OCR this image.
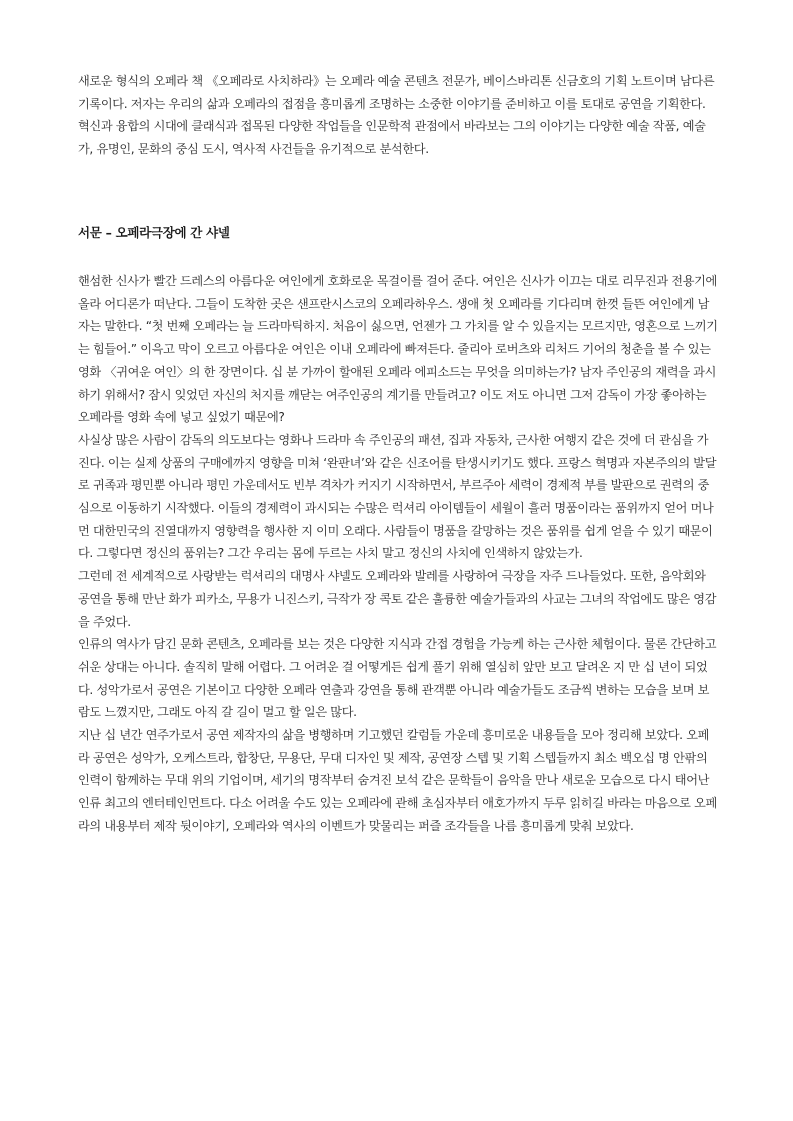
새로운 형식의 오페라 책 《오페라로 사치하라》는 오페라 예술 콘텐츠 전문가, 베이스바리톤 신금호의 기획 노트이며 남다른 기록이다. 저자는 우리의 삶과 오페라의 접점을 흥미롭게 조명하는 소중한 이야기를 준비하고 이를 토대로 공연을 기획한다. 혁신과 융합의 시대에 클래식과 접목된 다양한 작업들을 인문학적 관점에서 바라보는 그의 이야기는 다양한 예술 작품, 예술가, 유명인, 문화의 중심 도시, 역사적 사건들을 유기적으로 분석한다.

서문 – 오페라극장에 간 샤넬

핸섬한 신사가 빨간 드레스의 아름다운 여인에게 호화로운 목걸이를 걸어 준다. 여인은 신사가 이끄는 대로 리무진과 전용기에 올라 어디론가 떠난다. 그들이 도착한 곳은 샌프란시스코의 오페라하우스. 생애 첫 오페라를 기다리며 한껏 들뜬 여인에게 남자는 말한다. “첫 번째 오페라는 늘 드라마틱하지. 처음이 싫으면, 언젠가 그 가치를 알 수 있을지는 모르지만, 영혼으로 느끼기는 힘들어.” 이윽고 막이 오르고 아름다운 여인은 이내 오페라에 빠져든다. 줄리아 로버츠와 리처드 기어의 청춘을 볼 수 있는 영화 〈귀여운 여인〉의 한 장면이다. 십 분 가까이 할애된 오페라 에피소드는 무엇을 의미하는가? 남자 주인공의 재력을 과시하기 위해서? 잠시 잊었던 자신의 처지를 깨닫는 여주인공의 계기를 만들려고? 이도 저도 아니면 그저 감독이 가장 좋아하는 오페라를 영화 속에 넣고 싶었기 때문에?

사실상 많은 사람이 감독의 의도보다는 영화나 드라마 속 주인공의 패션, 집과 자동차, 근사한 여행지 같은 것에 더 관심을 가진다. 이는 실제 상품의 구매에까지 영향을 미쳐 ‘완판녀’와 같은 신조어를 탄생시키기도 했다. 프랑스 혁명과 자본주의의 발달로 귀족과 평민뿐 아니라 평민 가운데서도 빈부 격차가 커지기 시작하면서, 부르주아 세력이 경제적 부를 발판으로 권력의 중심으로 이동하기 시작했다. 이들의 경제력이 과시되는 수많은 럭셔리 아이템들이 세월이 흘러 명품이라는 품위까지 얻어 머나먼 대한민국의 진열대까지 영향력을 행사한 지 이미 오래다. 사람들이 명품을 갈망하는 것은 품위를 쉽게 얻을 수 있기 때문이다. 그렇다면 정신의 품위는? 그간 우리는 몸에 두르는 사치 말고 정신의 사치에 인색하지 않았는가.

그런데 전 세계적으로 사랑받는 럭셔리의 대명사 샤넬도 오페라와 발레를 사랑하여 극장을 자주 드나들었다. 또한, 음악회와 공연을 통해 만난 화가 피카소, 무용가 니진스키, 극작가 장 콕토 같은 훌륭한 예술가들과의 사교는 그녀의 작업에도 많은 영감을 주었다.

인류의 역사가 담긴 문화 콘텐츠, 오페라를 보는 것은 다양한 지식과 간접 경험을 가능케 하는 근사한 체험이다. 물론 간단하고 쉬운 상대는 아니다. 솔직히 말해 어렵다. 그 어려운 걸 어떻게든 쉽게 풀기 위해 열심히 앞만 보고 달려온 지 만 십 년이 되었다. 성악가로서 공연은 기본이고 다양한 오페라 연출과 강연을 통해 관객뿐 아니라 예술가들도 조금씩 변하는 모습을 보며 보람도 느꼈지만, 그래도 아직 갈 길이 멀고 할 일은 많다.

지난 십 년간 연주가로서 공연 제작자의 삶을 병행하며 기고했던 칼럼들 가운데 흥미로운 내용들을 모아 정리해 보았다. 오페라 공연은 성악가, 오케스트라, 합창단, 무용단, 무대 디자인 및 제작, 공연장 스텝 및 기획 스텝들까지 최소 백오십 명 안팎의 인력이 함께하는 무대 위의 기업이며, 세기의 명작부터 숨겨진 보석 같은 문학들이 음악을 만나 새로운 모습으로 다시 태어난 인류 최고의 엔터테인먼트다. 다소 어려울 수도 있는 오페라에 관해 초심자부터 애호가까지 두루 읽히길 바라는 마음으로 오페라의 내용부터 제작 뒷이야기, 오페라와 역사의 이벤트가 맞물리는 퍼즐 조각들을 나름 흥미롭게 맞춰 보았다.
